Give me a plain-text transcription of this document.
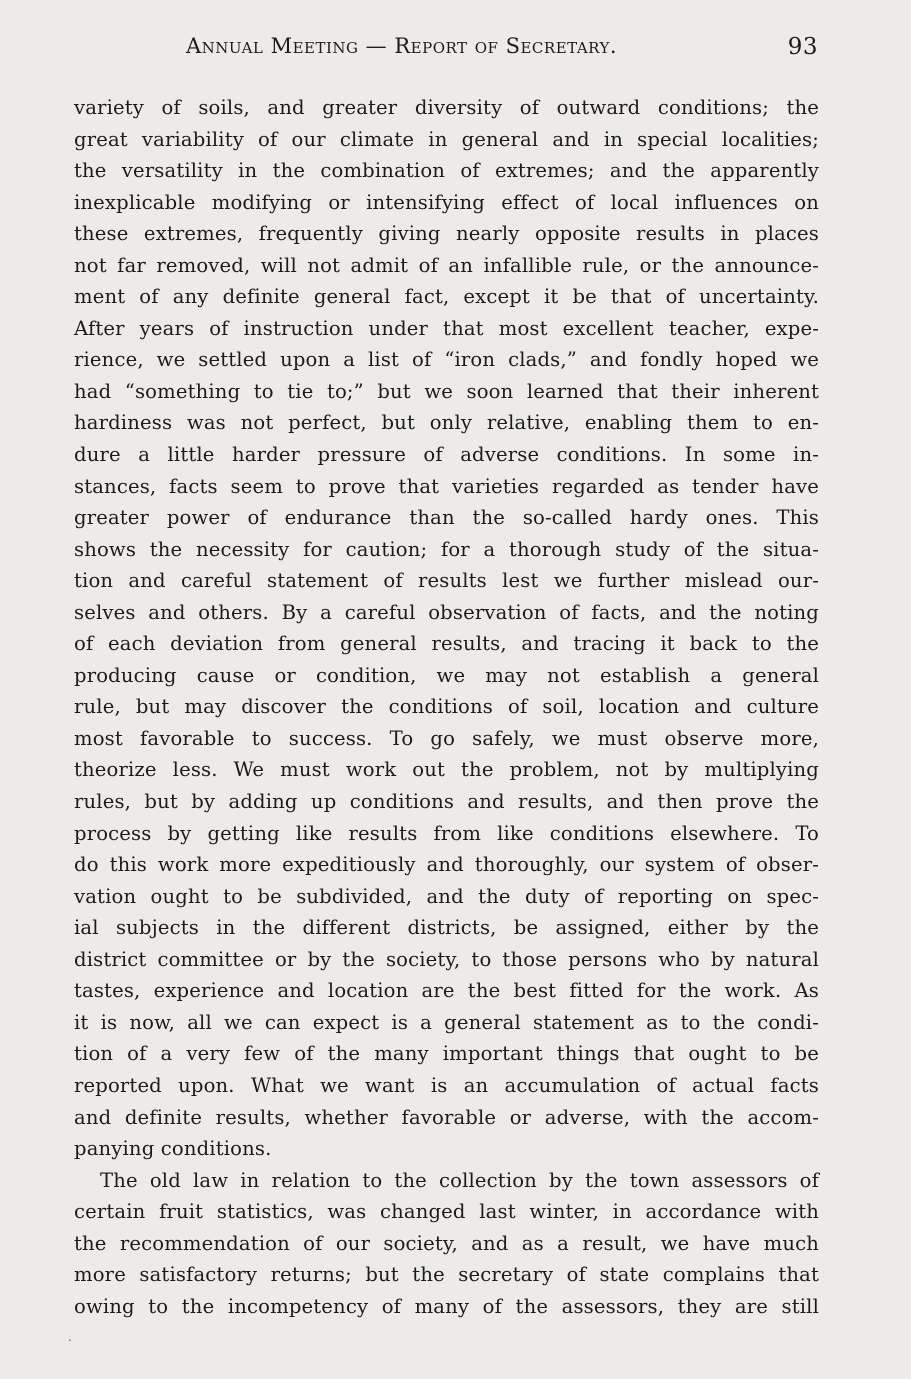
Annual Meeting — Report of Secretary.	93
variety of soils, and greater diversity of outward conditions; the
great variability of our climate in general and in special localities;
the versatility in the combination of extremes; and the apparently
inexplicable modifying or intensifying effect of local influences on
these extremes, frequently giving nearly opposite results in places
not far removed, will not admit of an infallible rule, or the announce-
ment of any definite general fact, except it be that of uncertainty.
After years of instruction under that most excellent teacher, expe-
rience, we settled upon a list of “iron clads,” and fondly hoped we
had “something to tie to;” but we soon learned that their inherent
hardiness was not perfect, but only relative, enabling them to en-
dure a little harder pressure of adverse conditions. In some in-
stances, facts seem to prove that varieties regarded as tender have
greater power of endurance than the so-called hardy ones. This
shows the necessity for caution; for a thorough study of the situa-
tion and careful statement of results lest we further mislead our-
selves and others. By a careful observation of facts, and the noting
of each deviation from general results, and tracing it back to the
producing cause or condition, we may not establish a general
rule, but may discover the conditions of soil, location and culture
most favorable to success. To go safely, we must observe more,
theorize less. We must work out the problem, not by multiplying
rules, but by adding up conditions and results, and then prove the
process by getting like results from like conditions elsewhere. To
do this work more expeditiously and thoroughly, our system of obser-
vation ought to be subdivided, and the duty of reporting on spec-
ial subjects in the different districts, be assigned, either by the
district committee or by the society, to those persons who by natural
tastes, experience and location are the best fitted for the work. As
it is now, all we can expect is a general statement as to the condi-
tion of a very few of the many important things that ought to be
reported upon. What we want is an accumulation of actual facts
and definite results, whether favorable or adverse, with the accom-
panying conditions.
The old law in relation to the collection by the town assessors of
certain fruit statistics, was changed last winter, in accordance with
the recommendation of our society, and as a result, we have much
more satisfactory returns; but the secretary of state complains that
owing to the incompetency of many of the assessors, they are still
.
